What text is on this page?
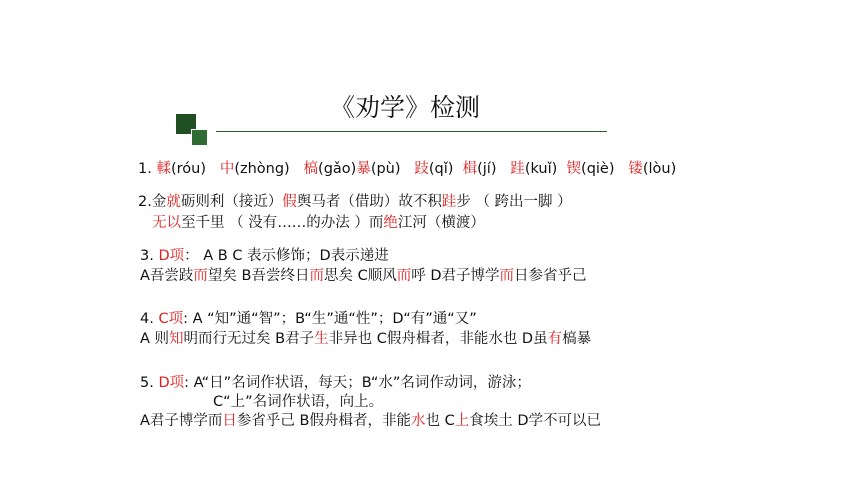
《劝学》检测
1. 輮(róu) 中(zhòng) 槁(gǎo)暴(pù) 跂(qǐ) 楫(jí) 跬(kuǐ) 锲(qiè) 镂(lòu)
2.金就砺则利（接近）假舆马者（借助）故不积跬步 （ 跨出一脚 ）
无以至千里 （ 没有……的办法 ）而绝江河（横渡）
3. D项： A B C 表示修饰；D表示递进
A吾尝跂而望矣 B吾尝终日而思矣 C顺风而呼 D君子博学而日参省乎己
4. C项: A “知”通“智”；B“生”通“性”；D“有”通“又”
A 则知明而行无过矣 B君子生非异也 C假舟楫者，非能水也 D虽有槁暴
5. D项: A“日”名词作状语，每天；B“水”名词作动词，游泳；
C“上”名词作状语，向上。
A君子博学而日参省乎己 B假舟楫者，非能水也 C上食埃土 D学不可以已
